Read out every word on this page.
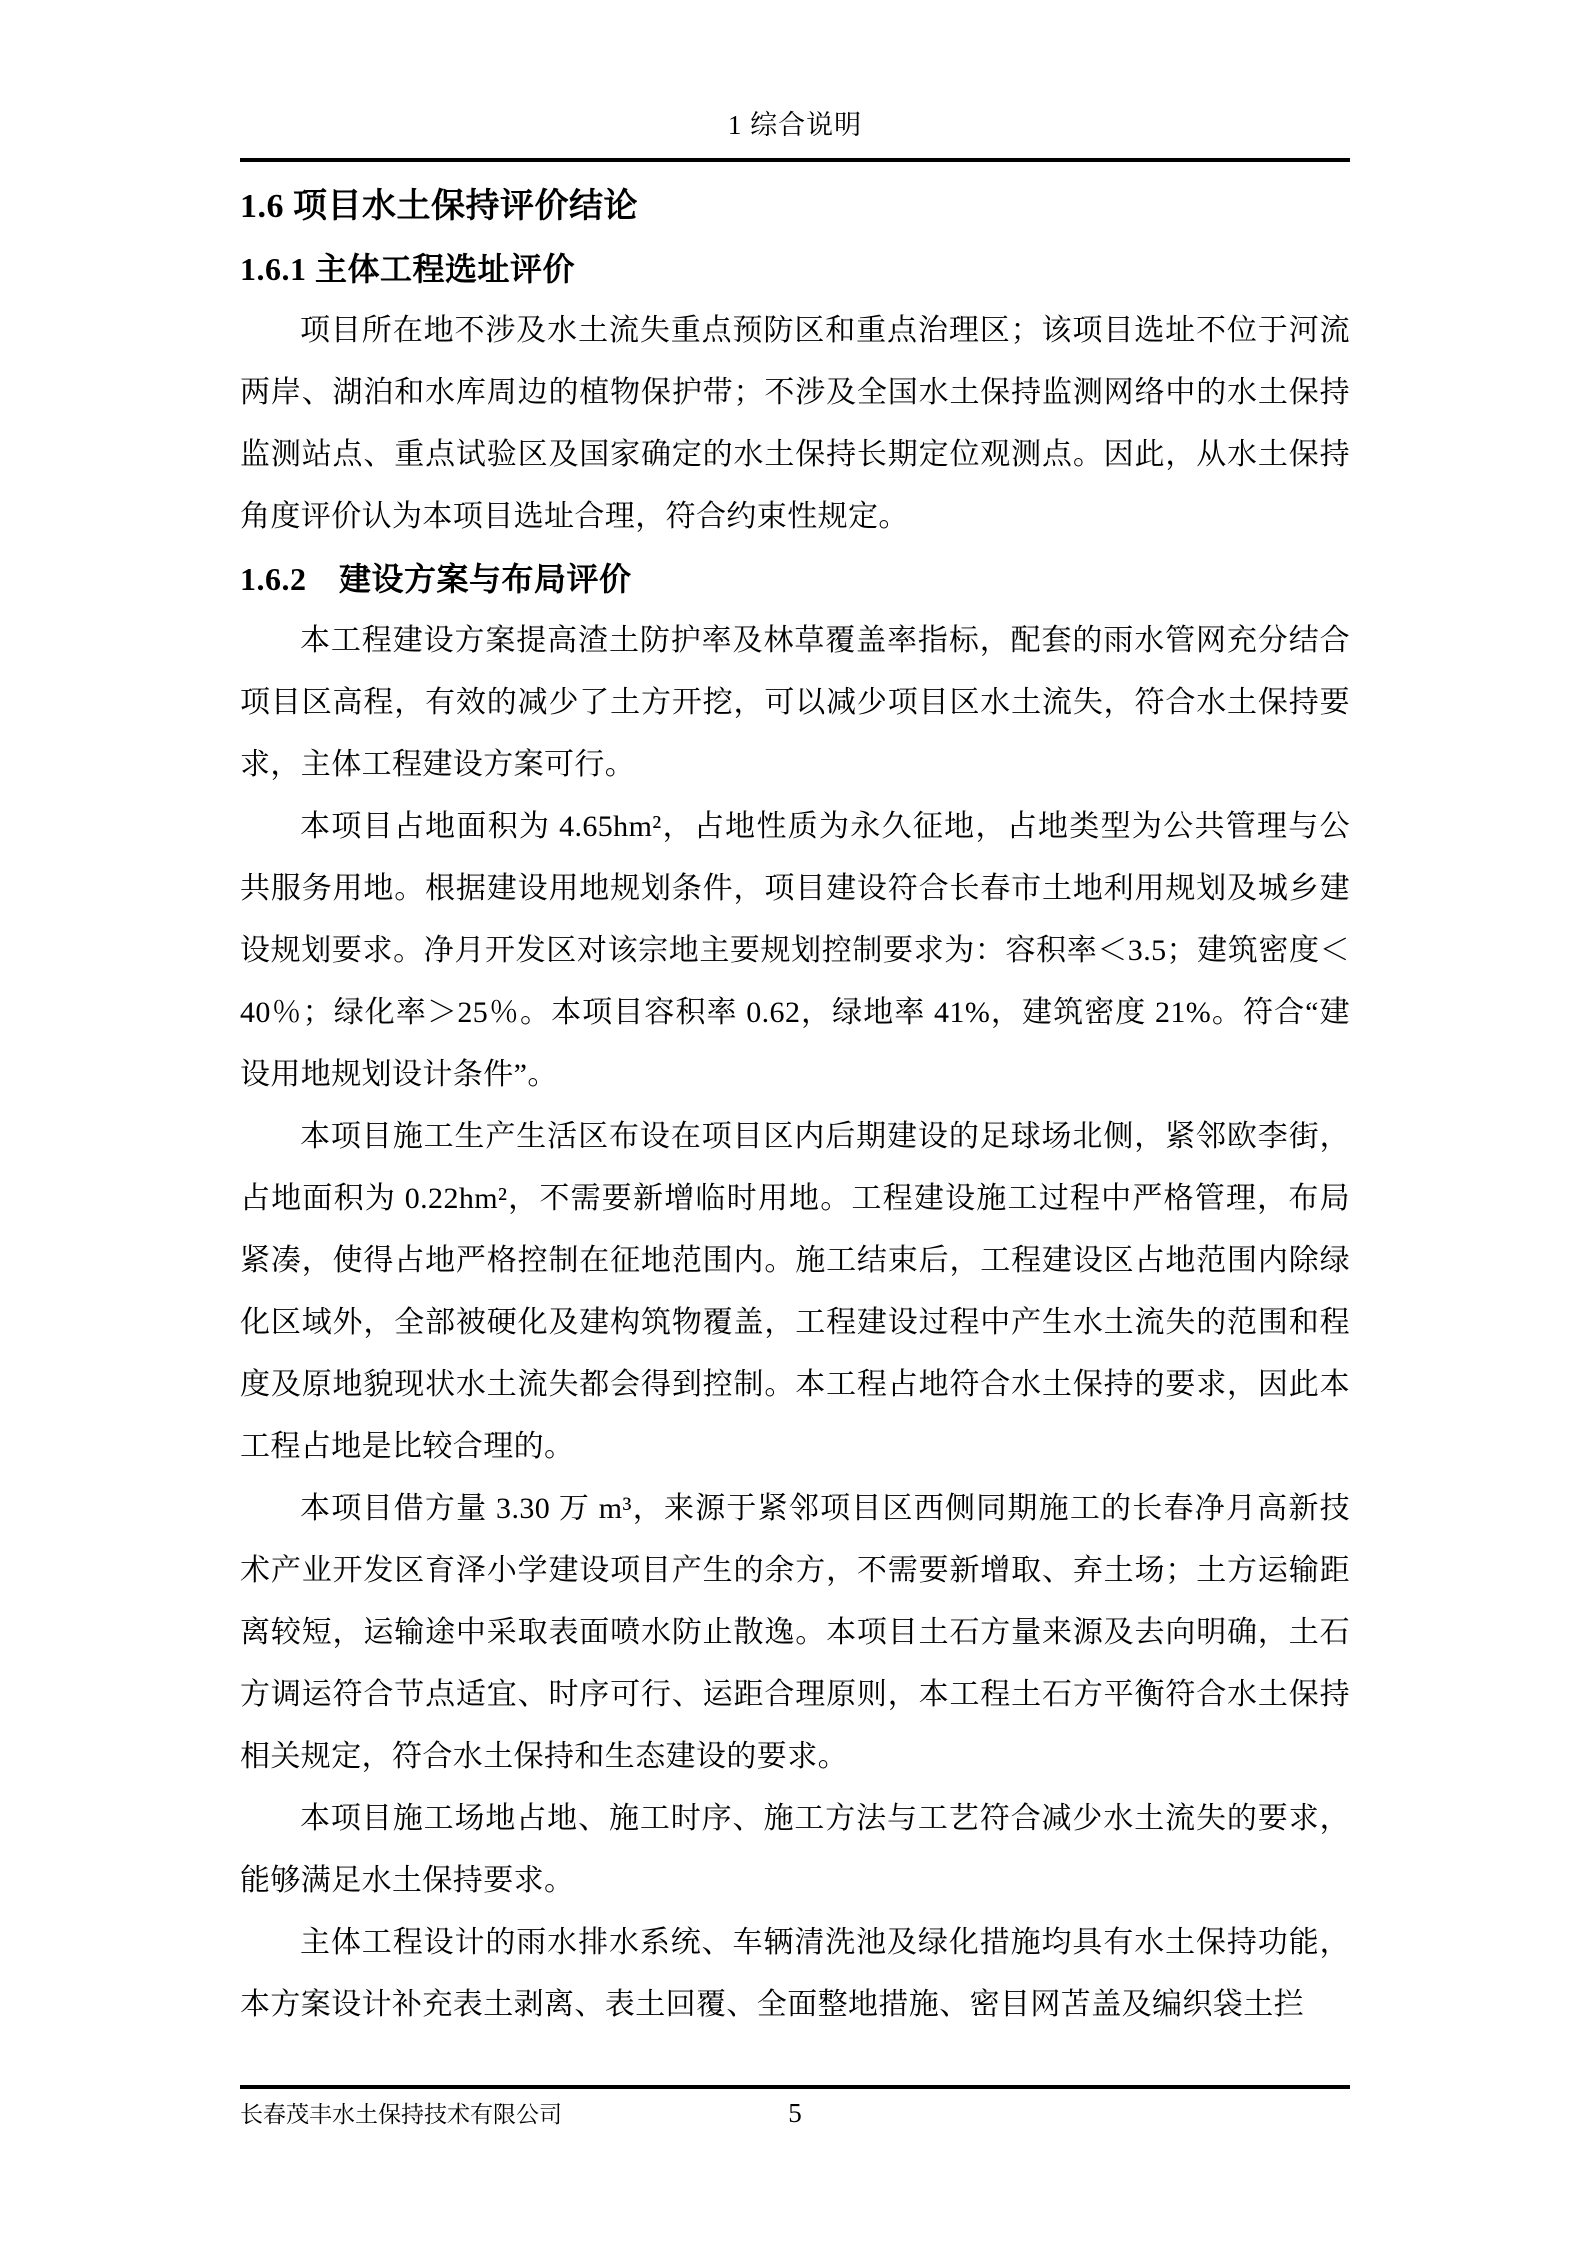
1 综合说明
1.6 项目水土保持评价结论
1.6.1 主体工程选址评价

项目所在地不涉及水土流失重点预防区和重点治理区；该项目选址不位于河流两岸、湖泊和水库周边的植物保护带；不涉及全国水土保持监测网络中的水土保持监测站点、重点试验区及国家确定的水土保持长期定位观测点。因此，从水土保持角度评价认为本项目选址合理，符合约束性规定。

1.6.2　建设方案与布局评价

本工程建设方案提高渣土防护率及林草覆盖率指标，配套的雨水管网充分结合项目区高程，有效的减少了土方开挖，可以减少项目区水土流失，符合水土保持要求，主体工程建设方案可行。

本项目占地面积为 4.65hm²，占地性质为永久征地，占地类型为公共管理与公共服务用地。根据建设用地规划条件，项目建设符合长春市土地利用规划及城乡建设规划要求。净月开发区对该宗地主要规划控制要求为：容积率＜3.5；建筑密度＜40％；绿化率＞25％。本项目容积率 0.62，绿地率 41%，建筑密度 21%。符合“建设用地规划设计条件”。

本项目施工生产生活区布设在项目区内后期建设的足球场北侧，紧邻欧李街，占地面积为 0.22hm²，不需要新增临时用地。工程建设施工过程中严格管理，布局紧凑，使得占地严格控制在征地范围内。施工结束后，工程建设区占地范围内除绿化区域外，全部被硬化及建构筑物覆盖，工程建设过程中产生水土流失的范围和程度及原地貌现状水土流失都会得到控制。本工程占地符合水土保持的要求，因此本工程占地是比较合理的。

本项目借方量 3.30 万 m³，来源于紧邻项目区西侧同期施工的长春净月高新技术产业开发区育泽小学建设项目产生的余方，不需要新增取、弃土场；土方运输距离较短，运输途中采取表面喷水防止散逸。本项目土石方量来源及去向明确，土石方调运符合节点适宜、时序可行、运距合理原则，本工程土石方平衡符合水土保持相关规定，符合水土保持和生态建设的要求。

本项目施工场地占地、施工时序、施工方法与工艺符合减少水土流失的要求，能够满足水土保持要求。

主体工程设计的雨水排水系统、车辆清洗池及绿化措施均具有水土保持功能，本方案设计补充表土剥离、表土回覆、全面整地措施、密目网苫盖及编织袋土拦

长春茂丰水土保持技术有限公司	5
